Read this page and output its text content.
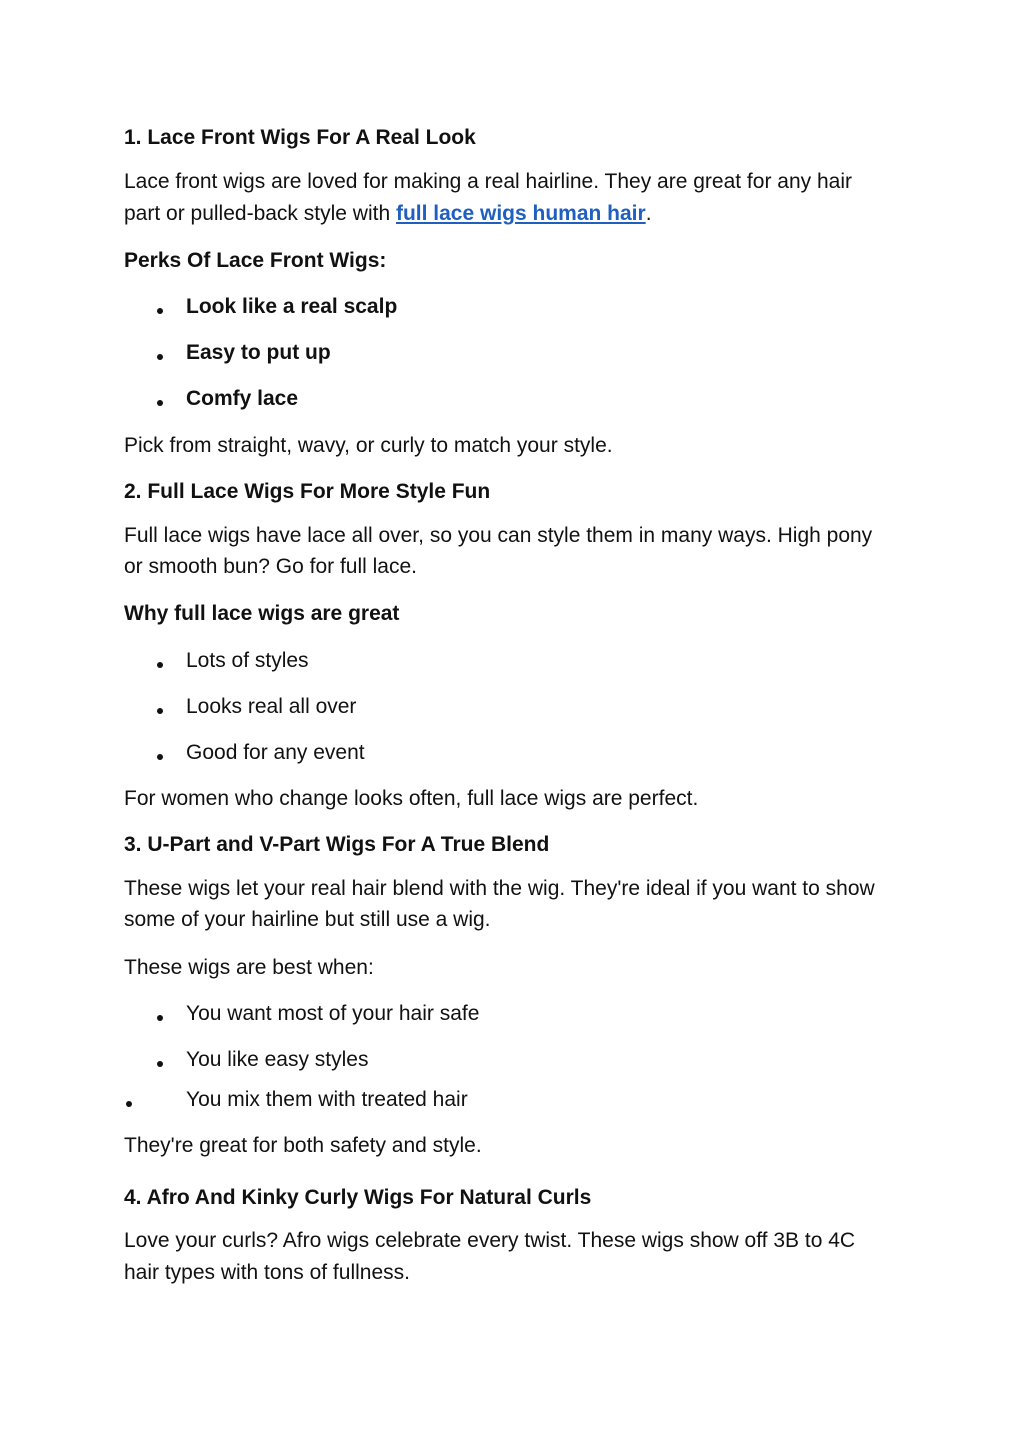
1. Lace Front Wigs For A Real Look
Lace front wigs are loved for making a real hairline. They are great for any hair
part or pulled-back style with full lace wigs human hair.
Perks Of Lace Front Wigs:
Look like a real scalp
Easy to put up
Comfy lace
Pick from straight, wavy, or curly to match your style.
2. Full Lace Wigs For More Style Fun
Full lace wigs have lace all over, so you can style them in many ways. High pony
or smooth bun? Go for full lace.
Why full lace wigs are great
Lots of styles
Looks real all over
Good for any event
For women who change looks often, full lace wigs are perfect.
3. U-Part and V-Part Wigs For A True Blend
These wigs let your real hair blend with the wig. They're ideal if you want to show
some of your hairline but still use a wig.
These wigs are best when:
You want most of your hair safe
You like easy styles
You mix them with treated hair
They're great for both safety and style.
4. Afro And Kinky Curly Wigs For Natural Curls
Love your curls? Afro wigs celebrate every twist. These wigs show off 3B to 4C
hair types with tons of fullness.
